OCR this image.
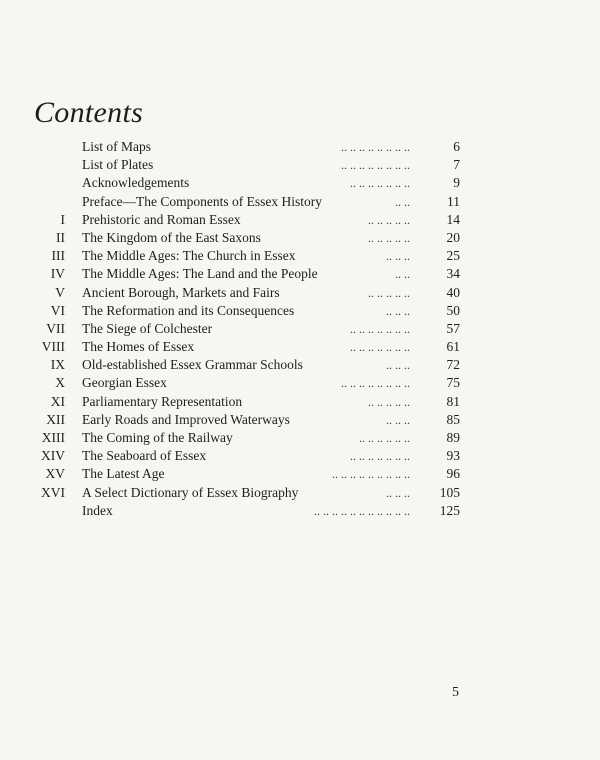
Contents
List of Maps	.. .. .. .. .. .. .. ..	6
List of Plates	.. .. .. .. .. .. .. ..	7
Acknowledgements	.. .. .. .. .. .. ..	9
Preface—The Components of Essex History	.. ..	11
I Prehistoric and Roman Essex	.. .. .. .. ..	14
II The Kingdom of the East Saxons	.. .. .. .. ..	20
III The Middle Ages: The Church in Essex	.. .. ..	25
IV The Middle Ages: The Land and the People	.. ..	34
V Ancient Borough, Markets and Fairs	.. .. .. .. ..	40
VI The Reformation and its Consequences	.. .. ..	50
VII The Siege of Colchester	.. .. .. .. .. .. ..	57
VIII The Homes of Essex	.. .. .. .. .. .. ..	61
IX Old-established Essex Grammar Schools	.. .. ..	72
X Georgian Essex	.. .. .. .. .. .. .. ..	75
XI Parliamentary Representation	.. .. .. .. ..	81
XII Early Roads and Improved Waterways	.. .. ..	85
XIII The Coming of the Railway	.. .. .. .. .. ..	89
XIV The Seaboard of Essex	.. .. .. .. .. .. ..	93
XV The Latest Age	.. .. .. .. .. .. .. .. ..	96
XVI A Select Dictionary of Essex Biography	.. .. ..	105
Index	.. .. .. .. .. .. .. .. .. .. ..	125
5
